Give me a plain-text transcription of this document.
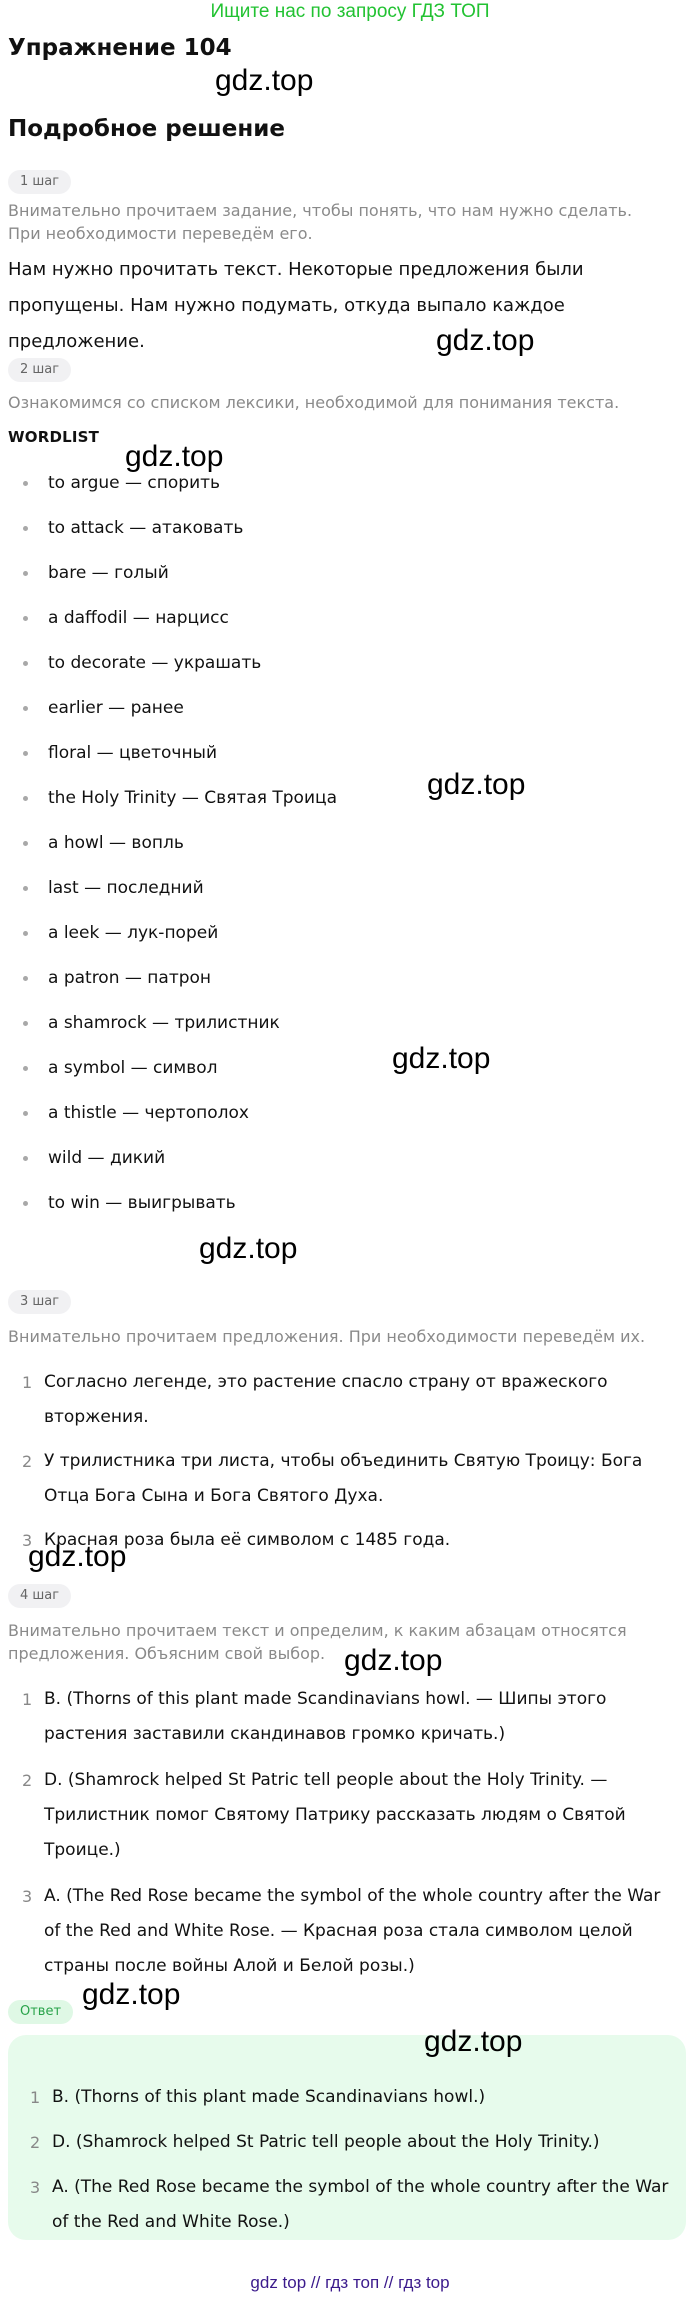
Ищите нас по запросу ГДЗ ТОП
Упражнение 104
gdz.top
Подробное решение
1 шаг

Внимательно прочитаем задание, чтобы понять, что нам нужно сделать. При необходимости переведём его.

Нам нужно прочитать текст. Некоторые предложения были пропущены. Нам нужно подумать, откуда выпало каждое предложение.	gdz.top
2 шаг

Ознакомимся со списком лексики, необходимой для понимания текста.

WORDLIST
gdz.top
to argue — спорить
to attack — атаковать
bare — голый
a daffodil — нарцисс
to decorate — украшать
earlier — ранее
floral — цветочный
the Holy Trinity — Святая Троица
a howl — вопль
last — последний
a leek — лук-порей
a patron — патрон
a shamrock — трилистник
a symbol — символ
a thistle — чертополох
wild — дикий
to win — выигрывать
gdz.top
gdz.top
gdz.top
3 шаг

Внимательно прочитаем предложения. При необходимости переведём их.

1 Согласно легенде, это растение спасло страну от вражеского вторжения.
2 У трилистника три листа, чтобы объединить Святую Троицу: Бога Отца Бога Сына и Бога Святого Духа.
3 Красная роза была её символом с 1485 года.
gdz.top
4 шаг

Внимательно прочитаем текст и определим, к каким абзацам относятся предложения. Объясним свой выбор. gdz.top
1 B. (Thorns of this plant made Scandinavians howl. — Шипы этого растения заставили скандинавов громко кричать.)
2 D. (Shamrock helped St Patric tell people about the Holy Trinity. — Трилистник помог Святому Патрику рассказать людям о Святой Троице.)
3 A. (The Red Rose became the symbol of the whole country after the War of the Red and White Rose. — Красная роза стала символом целой страны после войны Алой и Белой розы.)
gdz.top
Ответ
gdz.top
1 B. (Thorns of this plant made Scandinavians howl.)
2 D. (Shamrock helped St Patric tell people about the Holy Trinity.)
3 A. (The Red Rose became the symbol of the whole country after the War of the Red and White Rose.)
gdz top // гдз топ // гдз top
